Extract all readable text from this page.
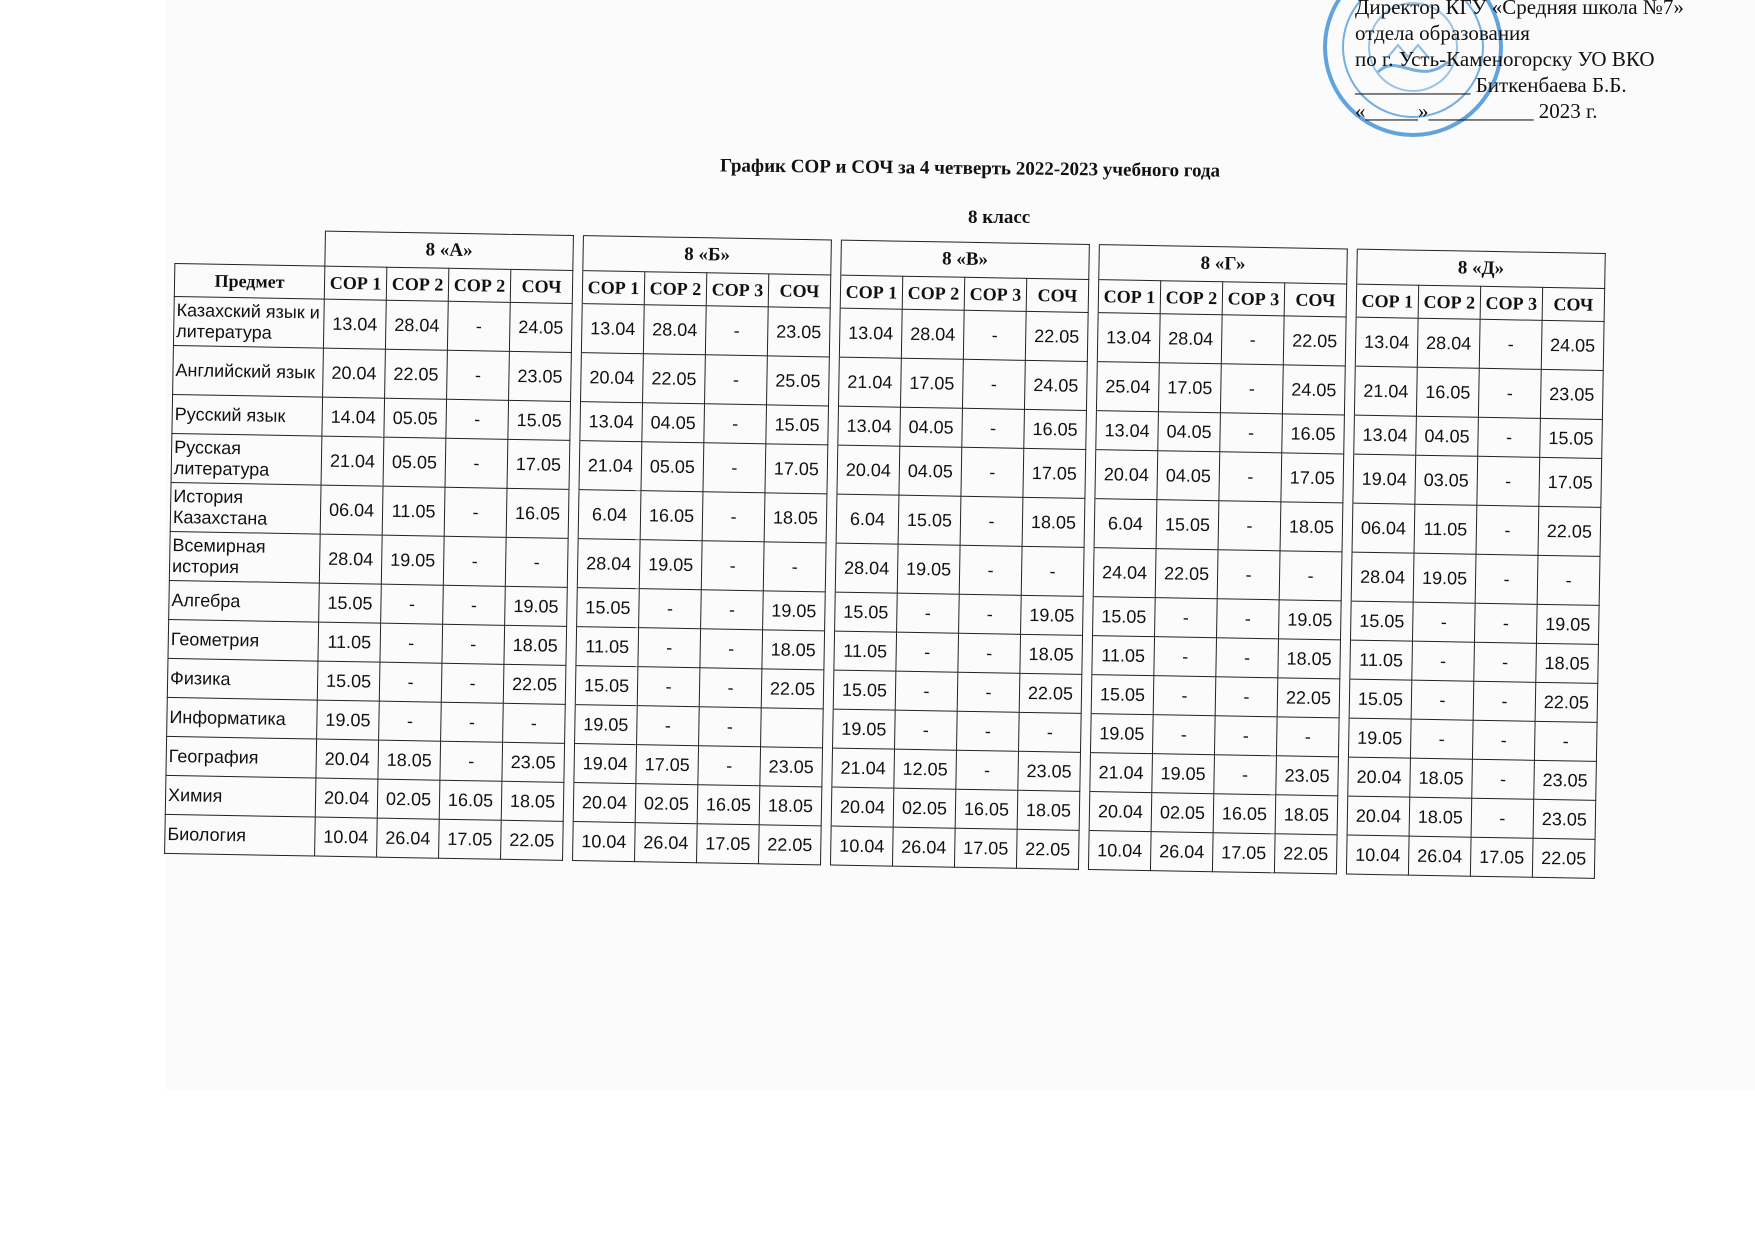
Директор КГУ «Средняя школа №7»
отдела образования
по г. Усть-Каменогорску УО ВКО
___________ Биткенбаева Б.Б.
«_____»__________ 2023 г.
График СОР и СОЧ за 4 четверть 2022-2023 учебного года
8 класс
	8 «А»					8 «Б»					8 «В»					8 «Г»					8 «Д»			
Предмет	СОР 1	СОР 2	СОР 2	СОЧ		СОР 1	СОР 2	СОР 3	СОЧ		СОР 1	СОР 2	СОР 3	СОЧ		СОР 1	СОР 2	СОР 3	СОЧ		СОР 1	СОР 2	СОР 3	СОЧ
Казахский язык и литература	13.04	28.04	-	24.05		13.04	28.04	-	23.05		13.04	28.04	-	22.05		13.04	28.04	-	22.05		13.04	28.04	-	24.05
Английский язык	20.04	22.05	-	23.05		20.04	22.05	-	25.05		21.04	17.05	-	24.05		25.04	17.05	-	24.05		21.04	16.05	-	23.05
Русский язык	14.04	05.05	-	15.05		13.04	04.05	-	15.05		13.04	04.05	-	16.05		13.04	04.05	-	16.05		13.04	04.05	-	15.05
Русская литература	21.04	05.05	-	17.05		21.04	05.05	-	17.05		20.04	04.05	-	17.05		20.04	04.05	-	17.05		19.04	03.05	-	17.05
История Казахстана	06.04	11.05	-	16.05		6.04	16.05	-	18.05		6.04	15.05	-	18.05		6.04	15.05	-	18.05		06.04	11.05	-	22.05
Всемирная история	28.04	19.05	-	-		28.04	19.05	-	-		28.04	19.05	-	-		24.04	22.05	-	-		28.04	19.05	-	-
Алгебра	15.05	-	-	19.05		15.05	-	-	19.05		15.05	-	-	19.05		15.05	-	-	19.05		15.05	-	-	19.05
Геометрия	11.05	-	-	18.05		11.05	-	-	18.05		11.05	-	-	18.05		11.05	-	-	18.05		11.05	-	-	18.05
Физика	15.05	-	-	22.05		15.05	-	-	22.05		15.05	-	-	22.05		15.05	-	-	22.05		15.05	-	-	22.05
Информатика	19.05	-	-	-		19.05	-	-			19.05	-	-	-		19.05	-	-	-		19.05	-	-	-
География	20.04	18.05	-	23.05		19.04	17.05	-	23.05		21.04	12.05	-	23.05		21.04	19.05	-	23.05		20.04	18.05	-	23.05
Химия	20.04	02.05	16.05	18.05		20.04	02.05	16.05	18.05		20.04	02.05	16.05	18.05		20.04	02.05	16.05	18.05		20.04	18.05	-	23.05
Биология	10.04	26.04	17.05	22.05		10.04	26.04	17.05	22.05		10.04	26.04	17.05	22.05		10.04	26.04	17.05	22.05		10.04	26.04	17.05	22.05
